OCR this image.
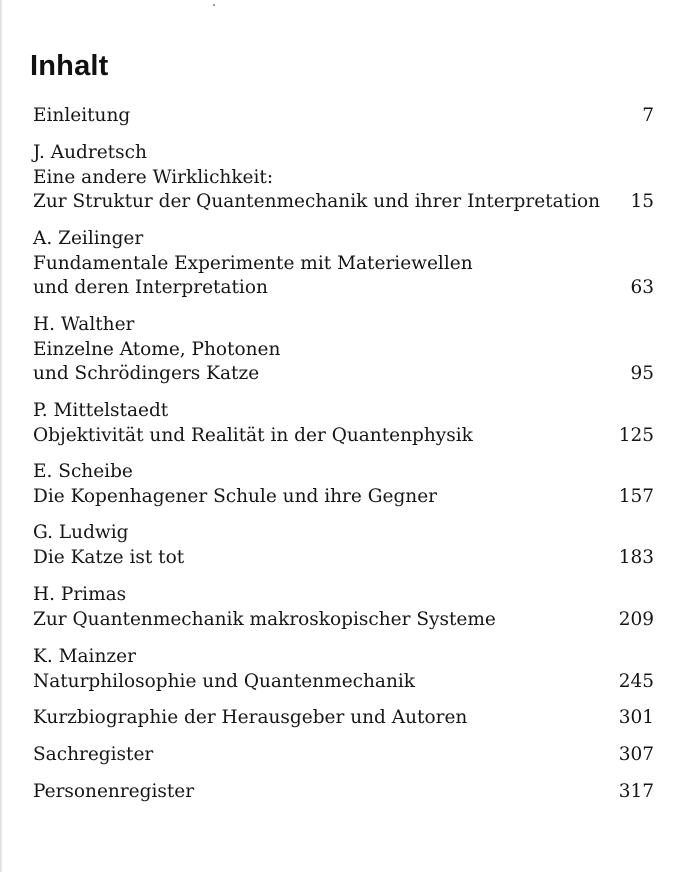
Inhalt
Einleitung	7
J. Audretsch
Eine andere Wirklichkeit:
Zur Struktur der Quantenmechanik und ihrer Interpretation 15
A. Zeilinger
Fundamentale Experimente mit Materiewellen
und deren Interpretation	63
H. Walther
Einzelne Atome, Photonen
und Schrödingers Katze	95
P. Mittelstaedt
Objektivität und Realität in der Quantenphysik	125
E. Scheibe
Die Kopenhagener Schule und ihre Gegner	157
G. Ludwig
Die Katze ist tot	183
H. Primas
Zur Quantenmechanik makroskopischer Systeme	209
K. Mainzer
Naturphilosophie und Quantenmechanik	245
Kurzbiographie der Herausgeber und Autoren	301
Sachregister	307
Personenregister	317
